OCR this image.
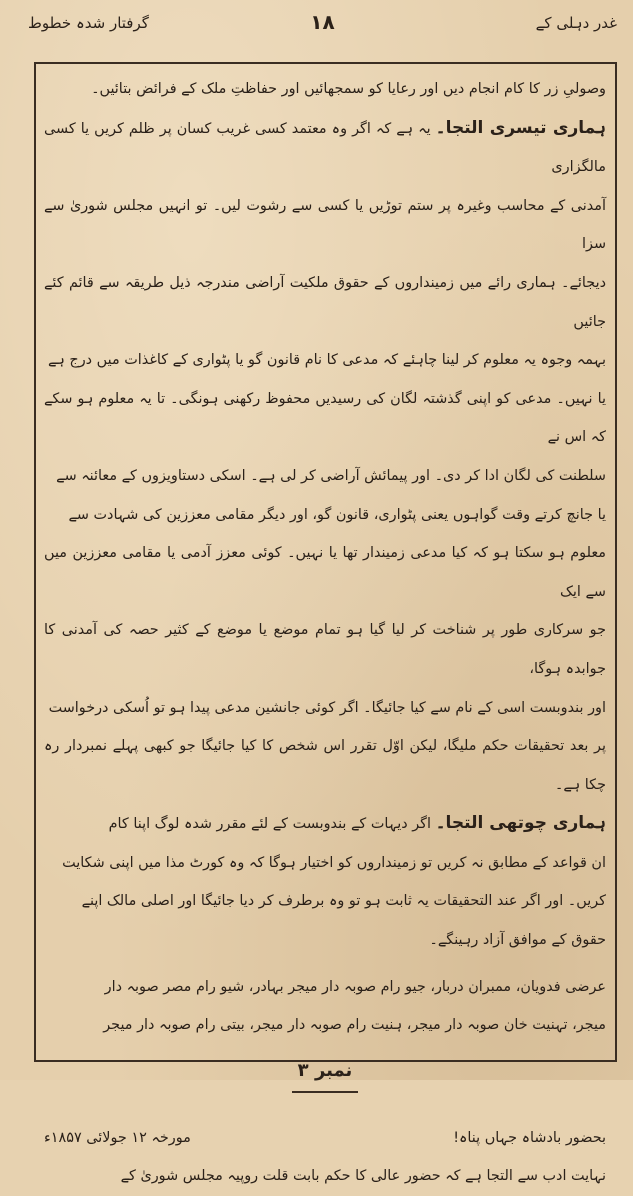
غدر دہلی کے
۱۸
گرفتار شدہ خطوط

وصولیِ زر کا کام انجام دیں اور رعایا کو سمجھائیں اور حفاظتِ ملک کے فرائض بتائیں۔

ہماری تیسری التجا۔ یہ ہے کہ اگر وہ معتمد کسی غریب کسان پر ظلم کریں یا کسی مالگزاری

آمدنی کے محاسب وغیرہ پر ستم توڑیں یا کسی سے رشوت لیں۔ تو انہیں مجلس شوریٰ سے سزا

دیجائے۔ ہماری رائے میں زمینداروں کے حقوق ملکیت آراضی مندرجہ ذیل طریقہ سے قائم کئے جائیں

بہمہ وجوہ یہ معلوم کر لینا چاہئے کہ مدعی کا نام قانون گو یا پٹواری کے کاغذات میں درج ہے

یا نہیں۔ مدعی کو اپنی گذشتہ لگان کی رسیدیں محفوظ رکھنی ہونگی۔ تا یہ معلوم ہو سکے کہ اس نے

سلطنت کی لگان ادا کر دی۔ اور پیمائش آراضی کر لی ہے۔ اسکی دستاویزوں کے معائنہ سے

یا جانچ کرتے وقت گواہوں یعنی پٹواری، قانون گو، اور دیگر مقامی معززین کی شہادت سے

معلوم ہو سکتا ہو کہ کیا مدعی زمیندار تھا یا نہیں۔ کوئی معزز آدمی یا مقامی معززین میں سے ایک

جو سرکاری طور پر شناخت کر لیا گیا ہو تمام موضع یا موضع کے کثیر حصہ کی آمدنی کا جوابدہ ہوگا،

اور بندوبست اسی کے نام سے کیا جائیگا۔ اگر کوئی جانشین مدعی پیدا ہو تو اُسکی درخواست

پر بعد تحقیقات حکم ملیگا، لیکن اوّل تقرر اس شخص کا کیا جائیگا جو کبھی پہلے نمبردار رہ چکا ہے۔

ہماری چوتھی التجا۔ اگر دیہات کے بندوبست کے لئے مقرر شدہ لوگ اپنا کام

ان قواعد کے مطابق نہ کریں تو زمینداروں کو اختیار ہوگا کہ وہ کورٹ مذا میں اپنی شکایت

کریں۔ اور اگر عند التحقیقات یہ ثابت ہو تو وہ برطرف کر دیا جائیگا اور اصلی مالک اپنے

حقوق کے موافق آزاد رہینگے۔

عرضی فدویان، ممبران دربار، جیو رام صوبہ دار میجر بہادر، شیو رام مصر صوبہ دار

میجر، تہنیت خان صوبہ دار میجر، ہنیت رام صوبہ دار میجر، بیتی رام صوبہ دار میجر

نمبر ۳
بحضور بادشاہ جہاں پناہ!
مورخہ ۱۲ جولائی ۱۸۵۷ء

نہایت ادب سے التجا ہے کہ حضور عالی کا حکم بابت قلت روپیہ مجلس شوریٰ کے
